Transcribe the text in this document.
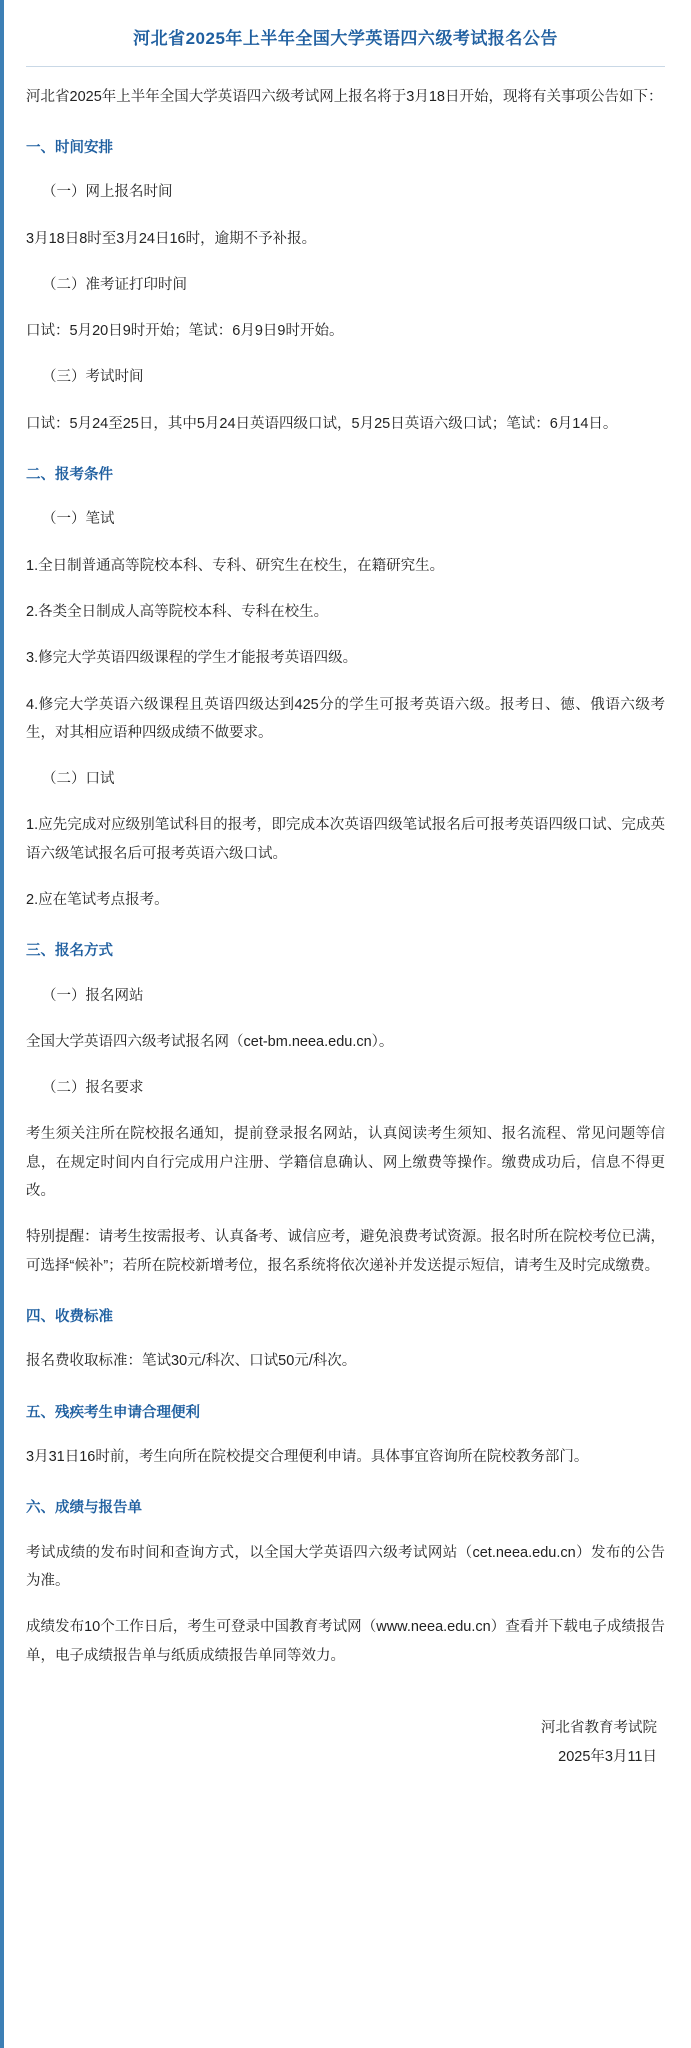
河北省2025年上半年全国大学英语四六级考试报名公告

河北省2025年上半年全国大学英语四六级考试网上报名将于3月18日开始，现将有关事项公告如下：

一、时间安排

（一）网上报名时间

3月18日8时至3月24日16时，逾期不予补报。

（二）准考证打印时间

口试：5月20日9时开始；笔试：6月9日9时开始。

（三）考试时间

口试：5月24至25日，其中5月24日英语四级口试，5月25日英语六级口试；笔试：6月14日。

二、报考条件

（一）笔试

1.全日制普通高等院校本科、专科、研究生在校生，在籍研究生。

2.各类全日制成人高等院校本科、专科在校生。

3.修完大学英语四级课程的学生才能报考英语四级。

4.修完大学英语六级课程且英语四级达到425分的学生可报考英语六级。报考日、德、俄语六级考生，对其相应语种四级成绩不做要求。

（二）口试

1.应先完成对应级别笔试科目的报考，即完成本次英语四级笔试报名后可报考英语四级口试、完成英语六级笔试报名后可报考英语六级口试。

2.应在笔试考点报考。

三、报名方式

（一）报名网站

全国大学英语四六级考试报名网（cet-bm.neea.edu.cn）。

（二）报名要求

考生须关注所在院校报名通知，提前登录报名网站，认真阅读考生须知、报名流程、常见问题等信息，在规定时间内自行完成用户注册、学籍信息确认、网上缴费等操作。缴费成功后，信息不得更改。

特别提醒：请考生按需报考、认真备考、诚信应考，避免浪费考试资源。报名时所在院校考位已满，可选择“候补”；若所在院校新增考位，报名系统将依次递补并发送提示短信，请考生及时完成缴费。

四、收费标准

报名费收取标准：笔试30元/科次、口试50元/科次。

五、残疾考生申请合理便利

3月31日16时前，考生向所在院校提交合理便利申请。具体事宜咨询所在院校教务部门。

六、成绩与报告单

考试成绩的发布时间和查询方式，以全国大学英语四六级考试网站（cet.neea.edu.cn）发布的公告为准。

成绩发布10个工作日后，考生可登录中国教育考试网（www.neea.edu.cn）查看并下载电子成绩报告单，电子成绩报告单与纸质成绩报告单同等效力。

河北省教育考试院
2025年3月11日
